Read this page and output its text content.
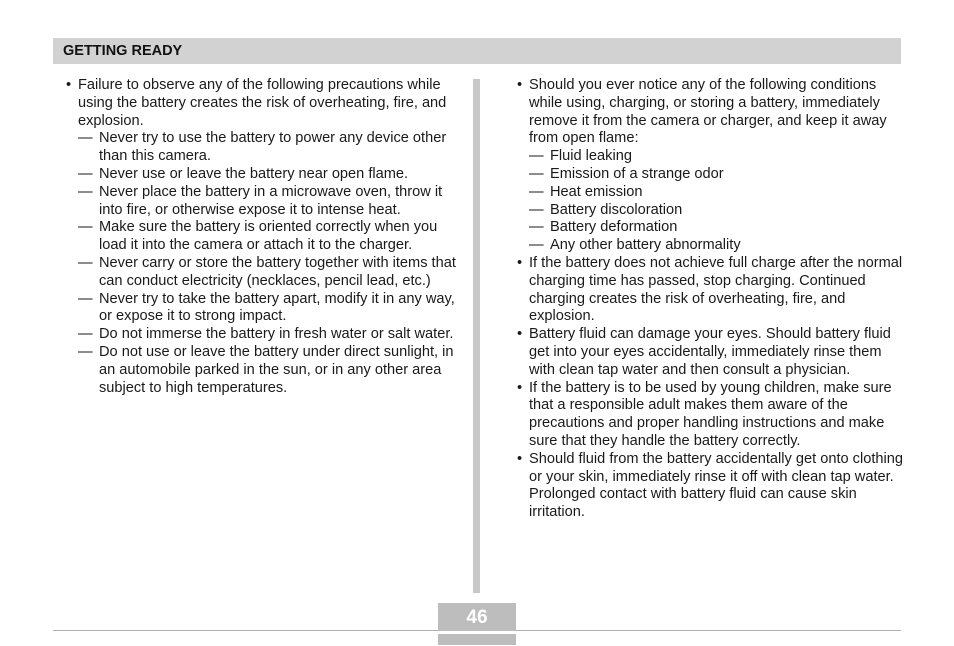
GETTING READY
• Failure to observe any of the following precautions while using the battery creates the risk of overheating, fire, and explosion.
— Never try to use the battery to power any device other than this camera.
— Never use or leave the battery near open flame.
— Never place the battery in a microwave oven, throw it into fire, or otherwise expose it to intense heat.
— Make sure the battery is oriented correctly when you load it into the camera or attach it to the charger.
— Never carry or store the battery together with items that can conduct electricity (necklaces, pencil lead, etc.)
— Never try to take the battery apart, modify it in any way, or expose it to strong impact.
— Do not immerse the battery in fresh water or salt water.
— Do not use or leave the battery under direct sunlight, in an automobile parked in the sun, or in any other area subject to high temperatures.
• Should you ever notice any of the following conditions while using, charging, or storing a battery, immediately remove it from the camera or charger, and keep it away from open flame:
— Fluid leaking
— Emission of a strange odor
— Heat emission
— Battery discoloration
— Battery deformation
— Any other battery abnormality
• If the battery does not achieve full charge after the normal charging time has passed, stop charging. Continued charging creates the risk of overheating, fire, and explosion.
• Battery fluid can damage your eyes. Should battery fluid get into your eyes accidentally, immediately rinse them with clean tap water and then consult a physician.
• If the battery is to be used by young children, make sure that a responsible adult makes them aware of the precautions and proper handling instructions and make sure that they handle the battery correctly.
• Should fluid from the battery accidentally get onto clothing or your skin, immediately rinse it off with clean tap water. Prolonged contact with battery fluid can cause skin irritation.
46
